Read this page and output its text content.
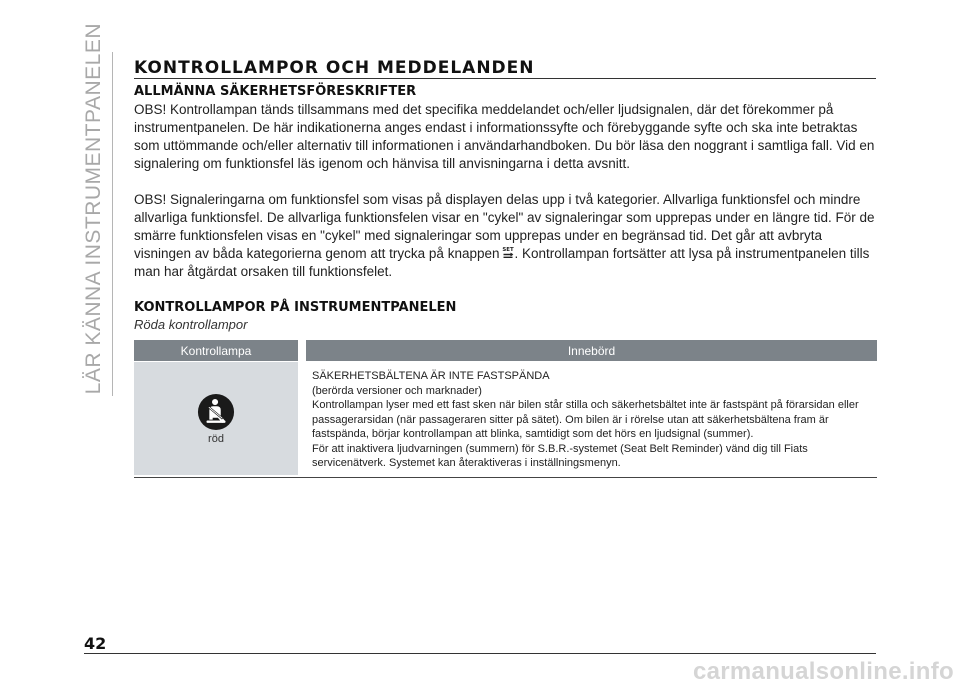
LÄR KÄNNA INSTRUMENTPANELEN KONTROLLAMPOR OCH MEDDELANDEN
ALLMÄNNA SÄKERHETSFÖRESKRIFTER

OBS! Kontrollampan tänds tillsammans med det specifika meddelandet och/eller ljudsignalen, där det förekommer på instrumentpanelen. De här indikationerna anges endast i informationssyfte och förebyggande syfte och ska inte betraktas som uttömmande och/eller alternativ till informationen i användarhandboken. Du bör läsa den noggrant i samtliga fall. Vid en signalering om funktionsfel läs igenom och hänvisa till anvisningarna i detta avsnitt.

OBS! Signaleringarna om funktionsfel som visas på displayen delas upp i två kategorier. Allvarliga funktionsfel och mindre allvarliga funktionsfel. De allvarliga funktionsfelen visar en "cykel" av signaleringar som upprepas under en längre tid. För de smärre funktionsfelen visas en "cykel" med signaleringar som upprepas under en begränsad tid. Det går att avbryta visningen av båda kategorierna genom att trycka på knappen SET . Kontrollampan fortsätter att lysa på instrumentpanelen tills man har åtgärdat orsaken till funktionsfelet.

KONTROLLAMPOR PÅ INSTRUMENTPANELEN

Röda kontrollampor

Kontrollampa	Innebörd
röd
SÄKERHETSBÄLTENA ÄR INTE FASTSPÄNDA
(berörda versioner och marknader)
Kontrollampan lyser med ett fast sken när bilen står stilla och säkerhetsbältet inte är fastspänt på förarsidan eller passagerarsidan (när passageraren sitter på sätet). Om bilen är i rörelse utan att säkerhetsbältena fram är fastspända, börjar kontrollampan att blinka, samtidigt som det hörs en ljudsignal (summer).
För att inaktivera ljudvarningen (summern) för S.B.R.-systemet (Seat Belt Reminder) vänd dig till Fiats servicenätverk. Systemet kan återaktiveras i inställningsmenyn.
42
carmanualsonline.info
